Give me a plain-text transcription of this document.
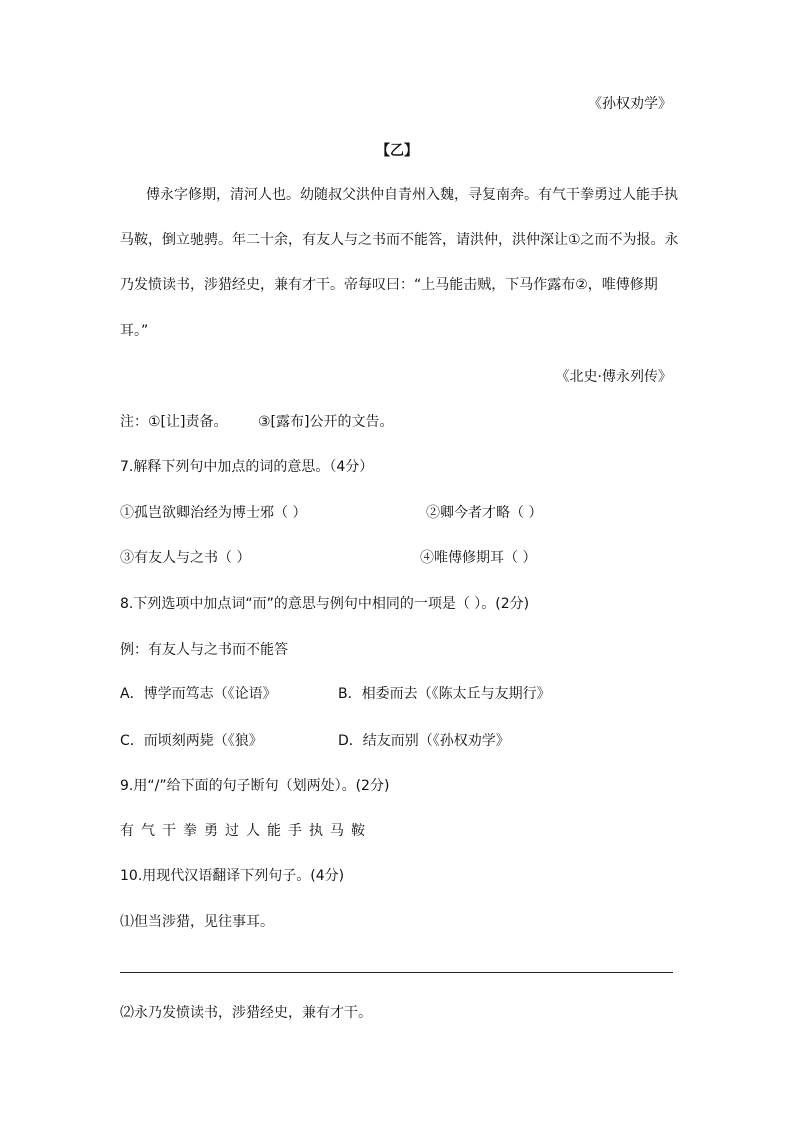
《孙权劝学》
【乙】
傅永字修期，清河人也。幼随叔父洪仲自青州入魏，寻复南奔。有气干拳勇过人能手执
马鞍，倒立驰骋。年二十余，有友人与之书而不能答，请洪仲，洪仲深让①之而不为报。永
乃发愤读书，涉猎经史，兼有才干。帝每叹曰：“上马能击贼，下马作露布②，唯傅修期
耳。”
《北史·傅永列传》
注：①[让]责备。 ③[露布]公开的文告。
7.解释下列句中加点的词的意思。（4分）
①孤岂欲卿治经为博士邪（ ）	②卿今者才略（ ）
③有友人与之书（ ）	④唯傅修期耳（ ）
8.下列选项中加点词“而”的意思与例句中相同的一项是（ ）。(2分)
例：有友人与之书而不能答
A．博学而笃志（《论语》	B．相委而去（《陈太丘与友期行》
C．而顷刻两毙（《狼》	D．结友而别（《孙权劝学》
9.用“/”给下面的句子断句（划两处）。(2分)
有气干拳勇过人能手执马鞍
10.用现代汉语翻译下列句子。(4分)
⑴但当涉猎，见往事耳。
⑵永乃发愤读书，涉猎经史，兼有才干。
